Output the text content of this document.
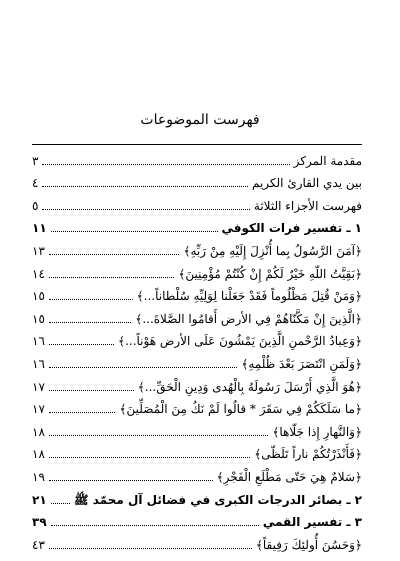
فهرست الموضوعات
مقدمة المركز
٣
بين يدي القارئ الكريم
٤
فهرست الأجزاء الثلاثة
٥
١ ـ تفسير فرات الكوفي
١١
﴿آمَنَ الرَّسُولُ بِما أُنْزِلَ إِلَيْهِ مِنْ رَبِّهِ﴾
١٣
﴿بَقِيَّتُ اللّهِ خَيْرٌ لَكُمْ إِنْ كُنْتُمْ مُؤْمِنِينَ﴾
١٤
﴿وَمَنْ قُتِلَ مَظْلُوماً فَقَدْ جَعَلْنا لِوَلِيِّهِ سُلْطاناً...﴾
١٥
﴿الَّذِينَ إِنْ مَكَّنّاهُمْ فِي الأرض أَقامُوا الصَّلاةَ...﴾
١٥
﴿وَعِبادُ الرَّحْمنِ الَّذِينَ يَمْشُونَ عَلَى الأرض هَوْناً...﴾
١٦
﴿وَلَمَنِ انْتَصَرَ بَعْدَ ظُلْمِهِ﴾
١٦
﴿هُوَ الَّذِي أَرْسَلَ رَسُولَهُ بِالْهُدى وَدِينِ الْحَقِّ...﴾
١٧
﴿ما سَلَكَكُمْ فِي سَقَرَ * قالُوا لَمْ نَكُ مِنَ الْمُصَلِّينَ﴾
١٧
﴿وَالنَّهارِ إِذا جَلّاها﴾
١٨
﴿فَأَنْذَرْتُكُمْ ناراً تَلَظّى﴾
١٨
﴿سَلامٌ هِيَ حَتّى مَطْلَعِ الْفَجْرِ﴾
١٩
٢ ـ بصائر الدرجات الكبرى في فضائل آل محمّد ﷺ
٢١
٣ ـ تفسير القمي
٣٩
﴿وَحَسُنَ أُولئِكَ رَفِيقاً﴾
٤٣
